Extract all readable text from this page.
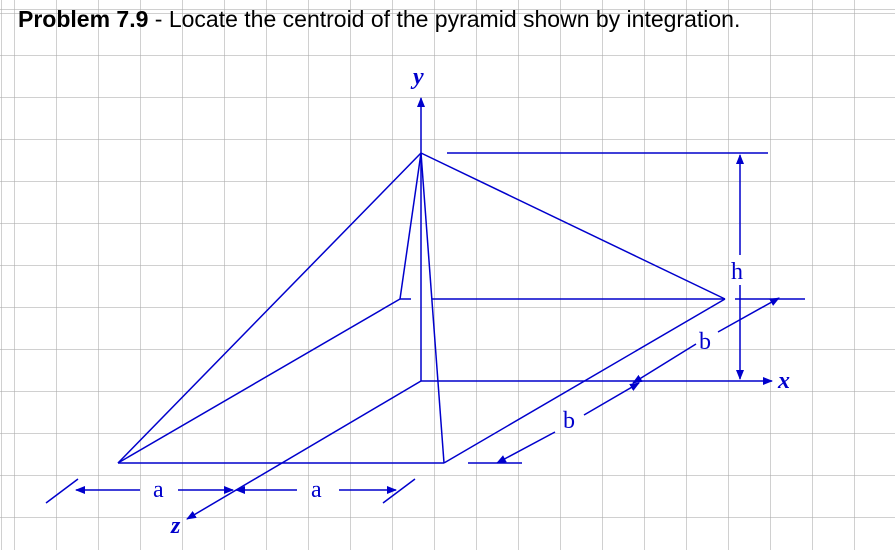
Problem 7.9 - Locate the centroid of the pyramid shown by integration.
y
x
z
h
b
b
a	a
